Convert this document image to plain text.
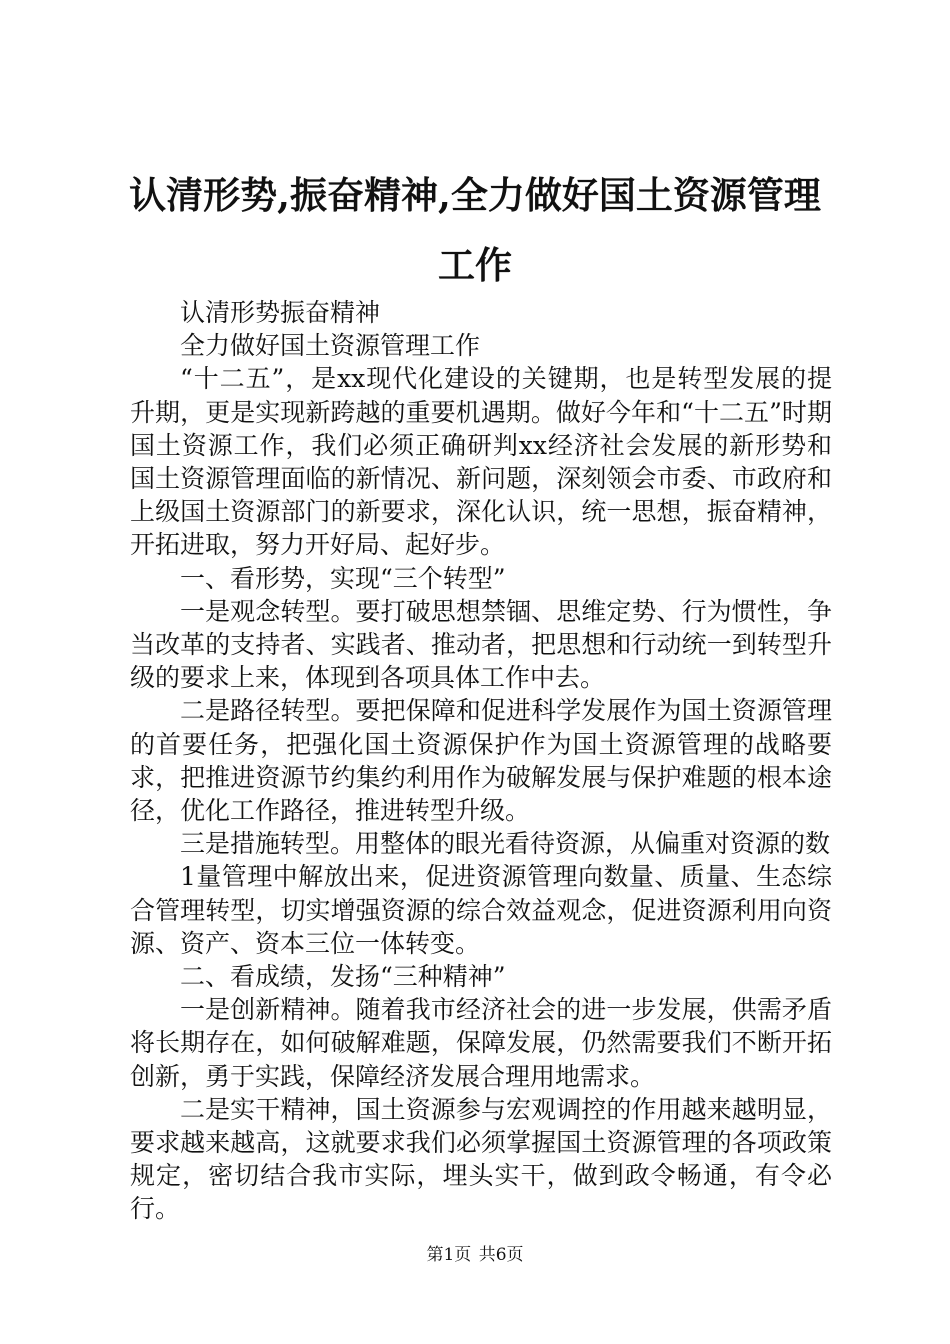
认清形势,振奋精神,全力做好国土资源管理工作

认清形势振奋精神

全力做好国土资源管理工作

“十二五”，是xx现代化建设的关键期，也是转型发展的提升期，更是实现新跨越的重要机遇期。做好今年和“十二五”时期国土资源工作，我们必须正确研判xx经济社会发展的新形势和国土资源管理面临的新情况、新问题，深刻领会市委、市政府和上级国土资源部门的新要求，深化认识，统一思想，振奋精神，开拓进取，努力开好局、起好步。

一、看形势，实现“三个转型”

一是观念转型。要打破思想禁锢、思维定势、行为惯性，争当改革的支持者、实践者、推动者，把思想和行动统一到转型升级的要求上来，体现到各项具体工作中去。

二是路径转型。要把保障和促进科学发展作为国土资源管理的首要任务，把强化国土资源保护作为国土资源管理的战略要求，把推进资源节约集约利用作为破解发展与保护难题的根本途径，优化工作路径，推进转型升级。

三是措施转型。用整体的眼光看待资源，从偏重对资源的数

1量管理中解放出来，促进资源管理向数量、质量、生态综合管理转型，切实增强资源的综合效益观念，促进资源利用向资源、资产、资本三位一体转变。

二、看成绩，发扬“三种精神”

一是创新精神。随着我市经济社会的进一步发展，供需矛盾将长期存在，如何破解难题，保障发展，仍然需要我们不断开拓创新，勇于实践，保障经济发展合理用地需求。

二是实干精神，国土资源参与宏观调控的作用越来越明显，要求越来越高，这就要求我们必须掌握国土资源管理的各项政策规定，密切结合我市实际，埋头实干，做到政令畅通，有令必行。

第1页 共6页
